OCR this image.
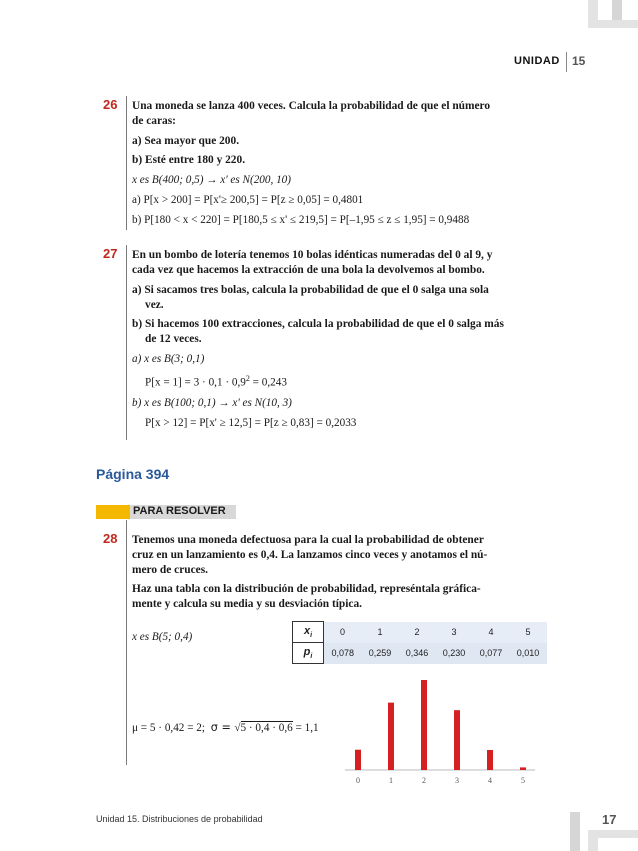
UNIDAD 15
26 Una moneda se lanza 400 veces. Calcula la probabilidad de que el número
de caras:
a) Sea mayor que 200.
b) Esté entre 180 y 220.
x es B(400; 0,5) → x' es N(200, 10)
a) P[x > 200] = P[x'≥ 200,5] = P[z ≥ 0,05] = 0,4801
b) P[180 < x < 220] = P[180,5 ≤ x' ≤ 219,5] = P[–1,95 ≤ z ≤ 1,95] = 0,9488
27 En un bombo de lotería tenemos 10 bolas idénticas numeradas del 0 al 9, y
cada vez que hacemos la extracción de una bola la devolvemos al bombo.
a) Si sacamos tres bolas, calcula la probabilidad de que el 0 salga una sola
vez.
b) Si hacemos 100 extracciones, calcula la probabilidad de que el 0 salga más
de 12 veces.
a) x es B(3; 0,1)
$P[x = 1] = 3 \cdot 0,1 \cdot 0,9^2 = 0,243$
b) x es B(100; 0,1) → x' es N(10, 3)
P[x > 12] = P[x' ≥ 12,5] = P[z ≥ 0,83] = 0,2033
Página 394
PARA RESOLVER
28 Tenemos una moneda defectuosa para la cual la probabilidad de obtener
cruz en un lanzamiento es 0,4. La lanzamos cinco veces y anotamos el nú-
mero de cruces.
Haz una tabla con la distribución de probabilidad, represéntala gráfica-
mente y calcula su media y su desviación típica.
x es B(5; 0,4)
$x_i$	0	1	2	3	4	5
$p_i$	0,078	0,259	0,346	0,230	0,077	0,010
μ = 5 · 0,42 = 2; σ = √5 · 0,4 · 0,6 = 1,1
0	1	2	3	4	5
Unidad 15. Distribuciones de probabilidad	17
